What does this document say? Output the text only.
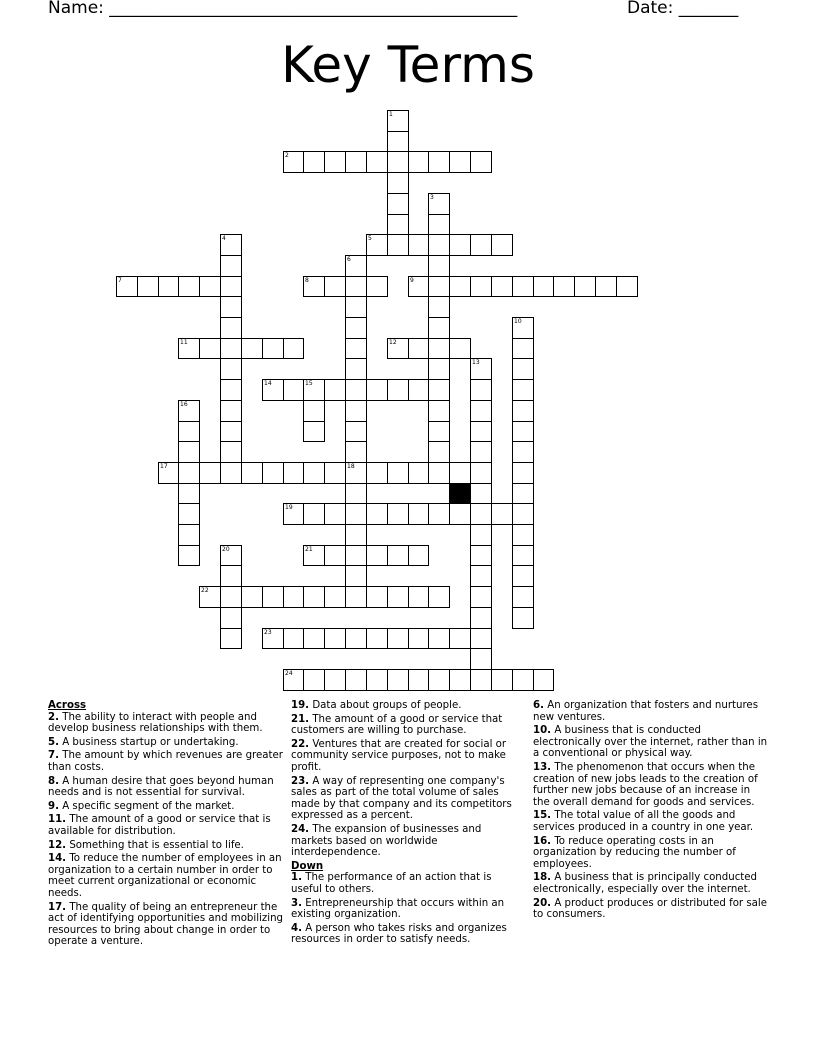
Name: ________________________________________________	Date: _______
Key Terms
1
2
3
4	5
6
7	8	9
10
11	12
13
14	15
16
17	18
19
20	21
22
23
24
Across
2. The ability to interact with people and develop business relationships with them.
5. A business startup or undertaking.
7. The amount by which revenues are greater than costs.
8. A human desire that goes beyond human needs and is not essential for survival.
9. A specific segment of the market.
11. The amount of a good or service that is available for distribution.
12. Something that is essential to life.
14. To reduce the number of employees in an organization to a certain number in order to meet current organizational or economic needs.
17. The quality of being an entrepreneur the act of identifying opportunities and mobilizing resources to bring about change in order to operate a venture.
19. Data about groups of people.
21. The amount of a good or service that customers are willing to purchase.
22. Ventures that are created for social or community service purposes, not to make profit.
23. A way of representing one company's sales as part of the total volume of sales made by that company and its competitors expressed as a percent.
24. The expansion of businesses and markets based on worldwide interdependence.
Down
1. The performance of an action that is useful to others.
3. Entrepreneurship that occurs within an existing organization.
4. A person who takes risks and organizes resources in order to satisfy needs.
6. An organization that fosters and nurtures new ventures.
10. A business that is conducted electronically over the internet, rather than in a conventional or physical way.
13. The phenomenon that occurs when the creation of new jobs leads to the creation of further new jobs because of an increase in the overall demand for goods and services.
15. The total value of all the goods and services produced in a country in one year.
16. To reduce operating costs in an organization by reducing the number of employees.
18. A business that is principally conducted electronically, especially over the internet.
20. A product produces or distributed for sale to consumers.
